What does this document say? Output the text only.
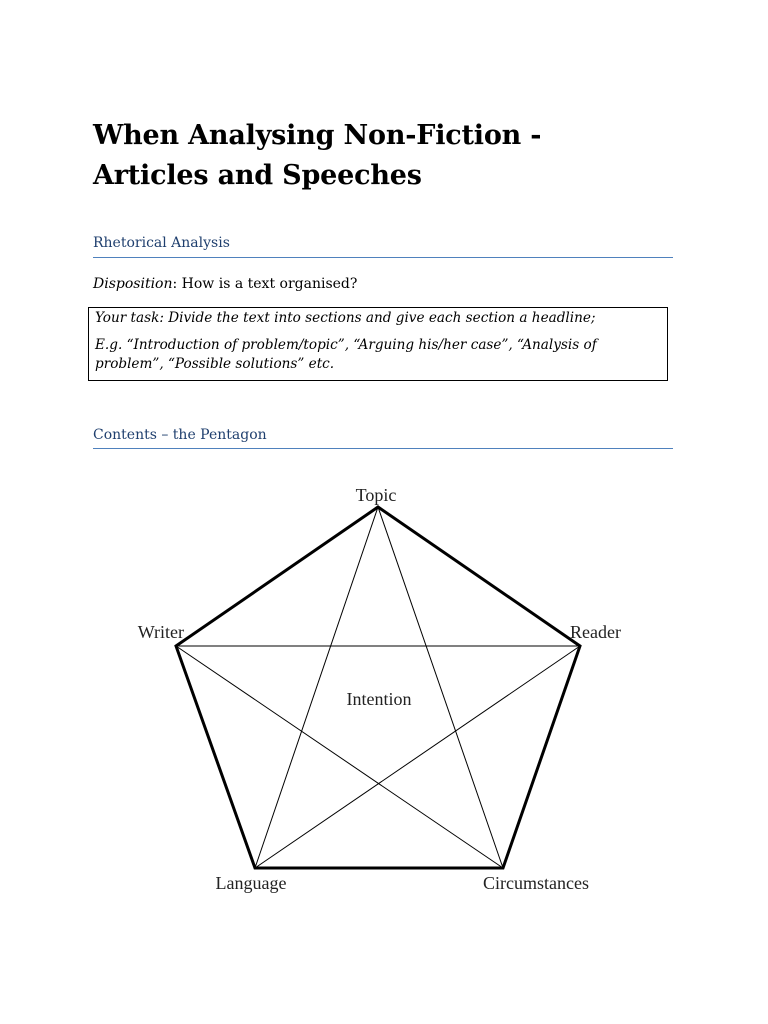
When Analysing Non-Fiction -
Articles and Speeches
Rhetorical Analysis

Disposition: How is a text organised?

Your task: Divide the text into sections and give each section a headline;

E.g. “Introduction of problem/topic”, “Arguing his/her case”, “Analysis of problem”, “Possible solutions” etc.

Contents – the Pentagon
Topic
Writer	Reader
Intention
Language	Circumstances
